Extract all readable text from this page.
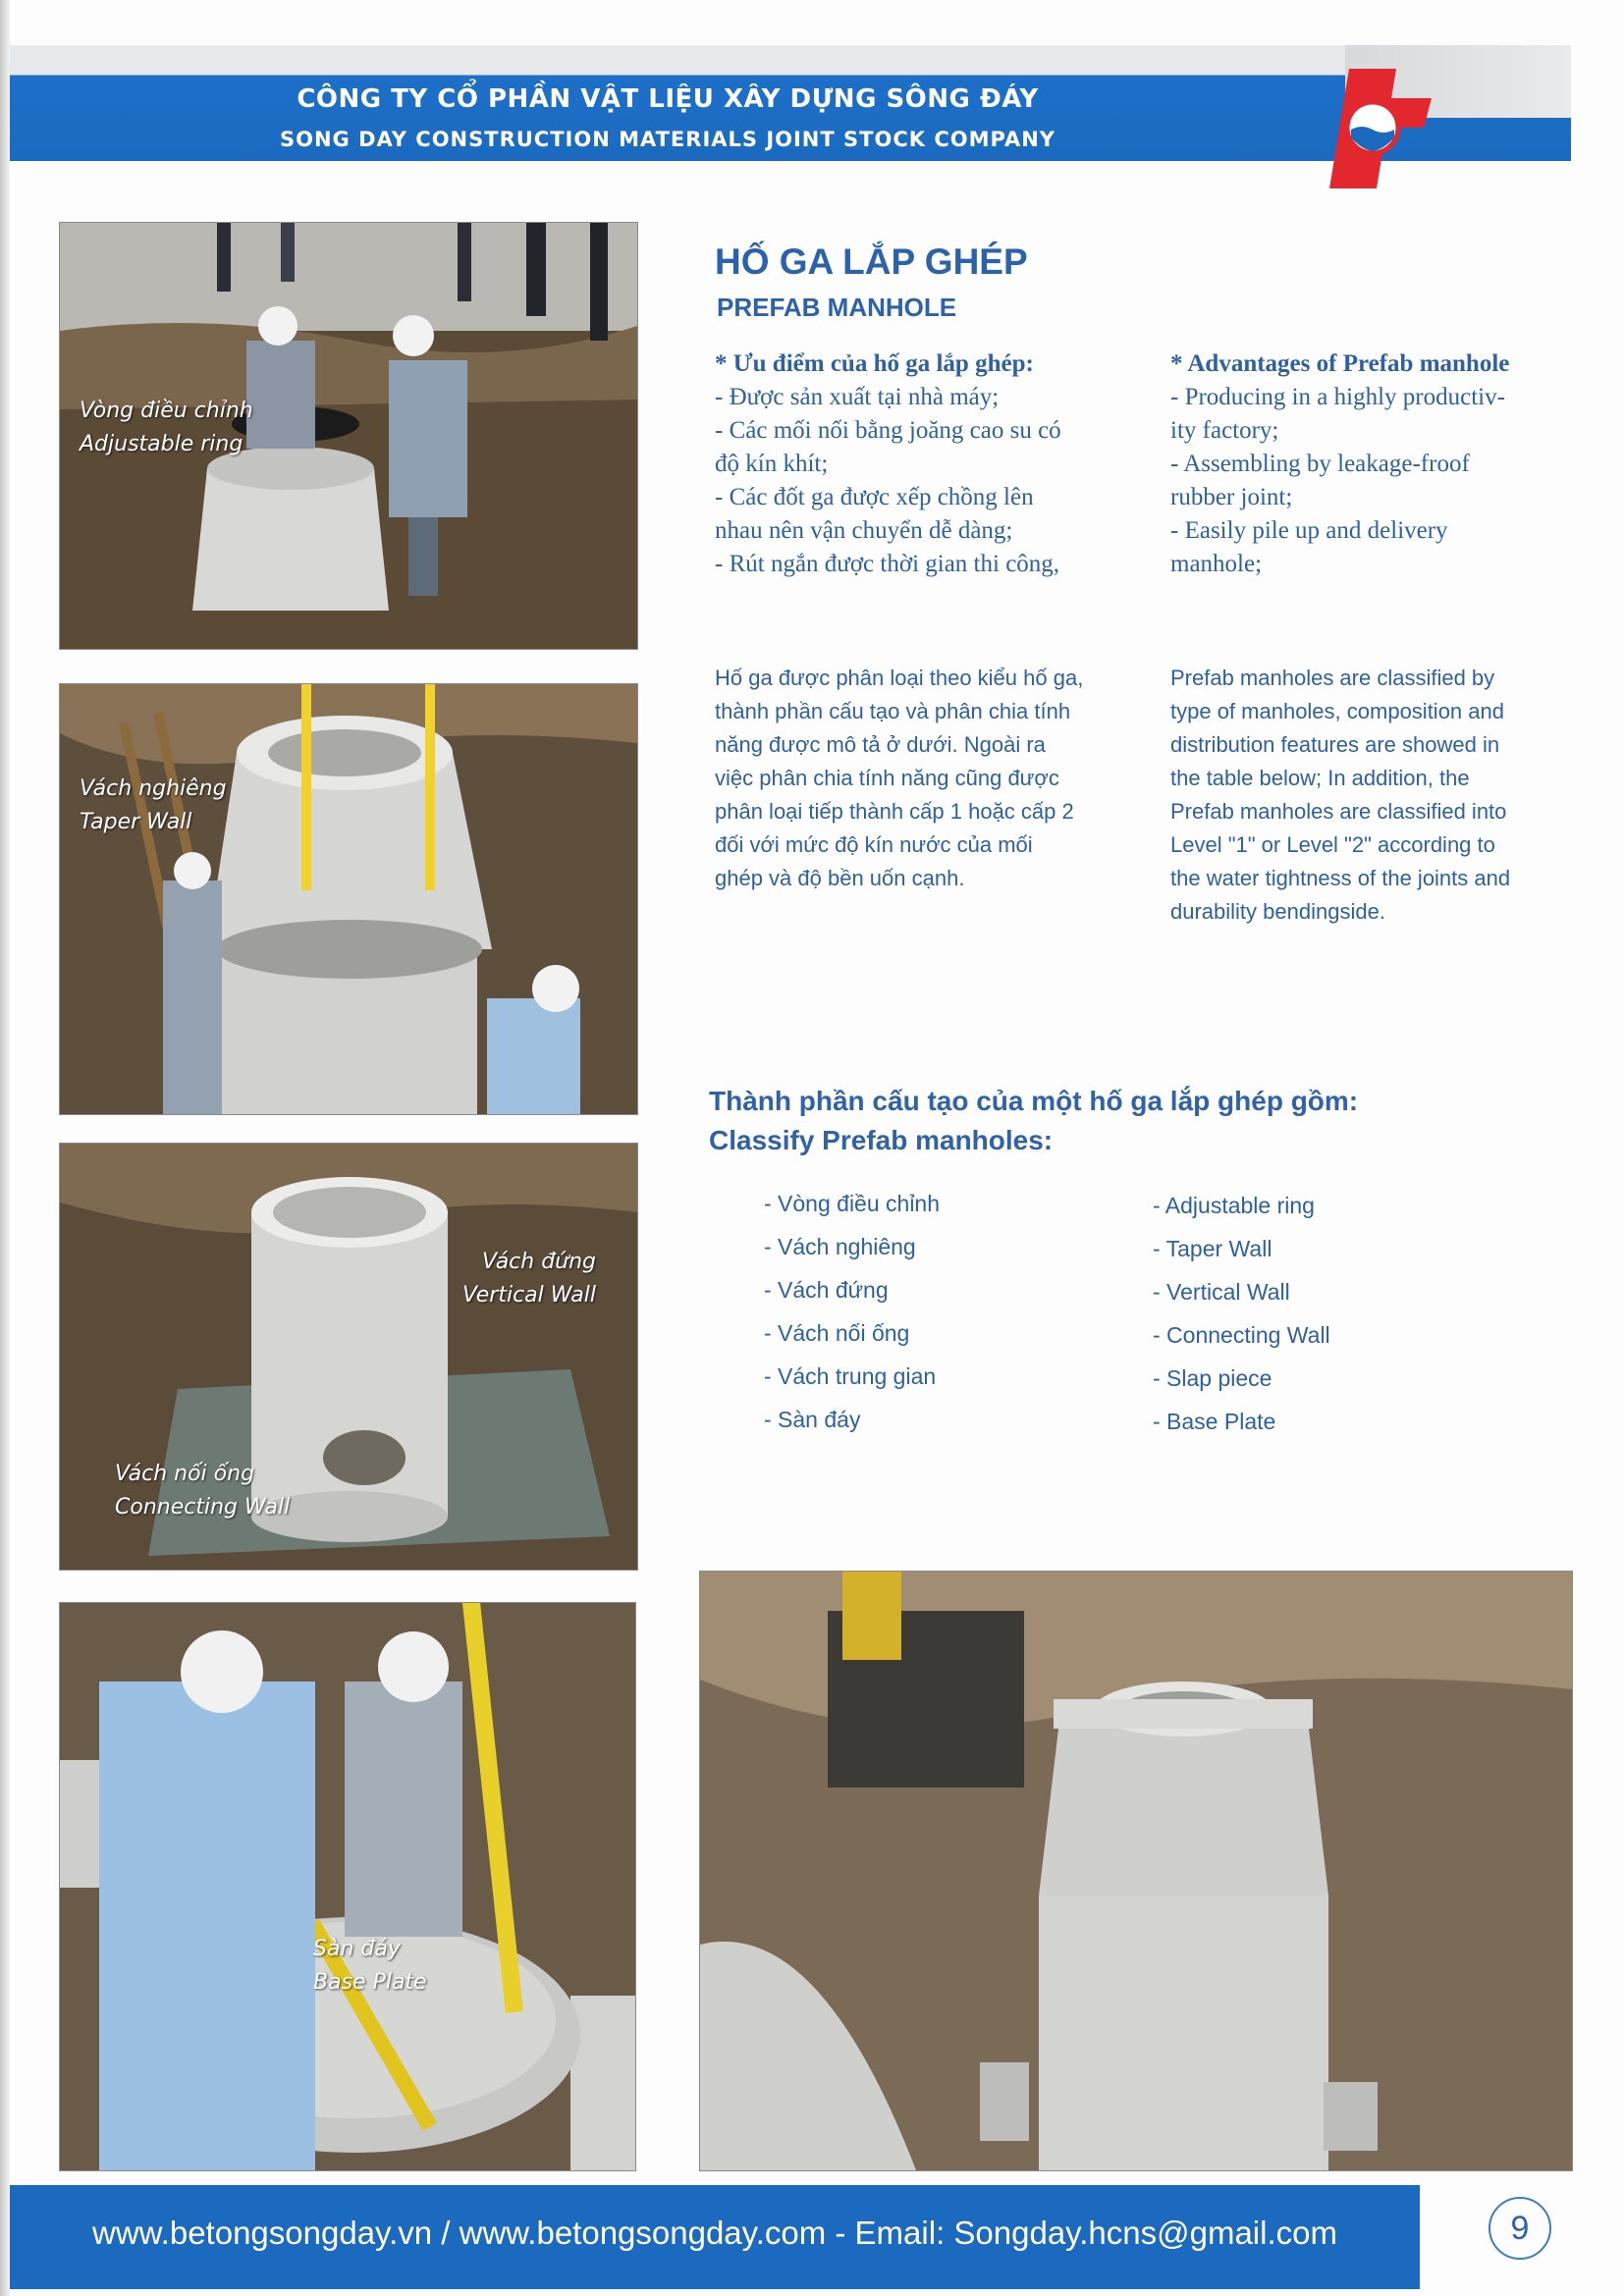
CÔNG TY CỔ PHẦN VẬT LIỆU XÂY DỰNG SÔNG ĐÁY
SONG DAY CONSTRUCTION MATERIALS JOINT STOCK COMPANY
Vòng điều chỉnh
Adjustable ring
Vách nghiêng
Taper Wall
Vách đứng
Vertical Wall
Vách nối ống
Connecting Wall
Sàn đáy
Base Plate
HỐ GA LẮP GHÉP
PREFAB MANHOLE
* Ưu điểm của hố ga lắp ghép:
- Được sản xuất tại nhà máy;
- Các mối nối bằng joăng cao su có
độ kín khít;
- Các đốt ga được xếp chồng lên
nhau nên vận chuyển dễ dàng;
- Rút ngắn được thời gian thi công,
* Advantages of Prefab manhole
- Producing in a highly productiv-
ity factory;
- Assembling by leakage-froof
rubber joint;
- Easily pile up and delivery
manhole;
Hố ga được phân loại theo kiểu hố ga,
thành phần cấu tạo và phân chia tính
năng được mô tả ở dưới. Ngoài ra
việc phân chia tính năng cũng được
phân loại tiếp thành cấp 1 hoặc cấp 2
đối với mức độ kín nước của mối
ghép và độ bền uốn cạnh.
Prefab manholes are classified by
type of manholes, composition and
distribution features are showed in
the table below; In addition, the
Prefab manholes are classified into
Level "1" or Level "2" according to
the water tightness of the joints and
durability bendingside.
Thành phần cấu tạo của một hố ga lắp ghép gồm:
Classify Prefab manholes:
- Vòng điều chỉnh
- Vách nghiêng
- Vách đứng
- Vách nối ống
- Vách trung gian
- Sàn đáy
- Adjustable ring
- Taper Wall
- Vertical Wall
- Connecting Wall
- Slap piece
- Base Plate
www.betongsongday.vn / www.betongsongday.com - Email: Songday.hcns@gmail.com	9
